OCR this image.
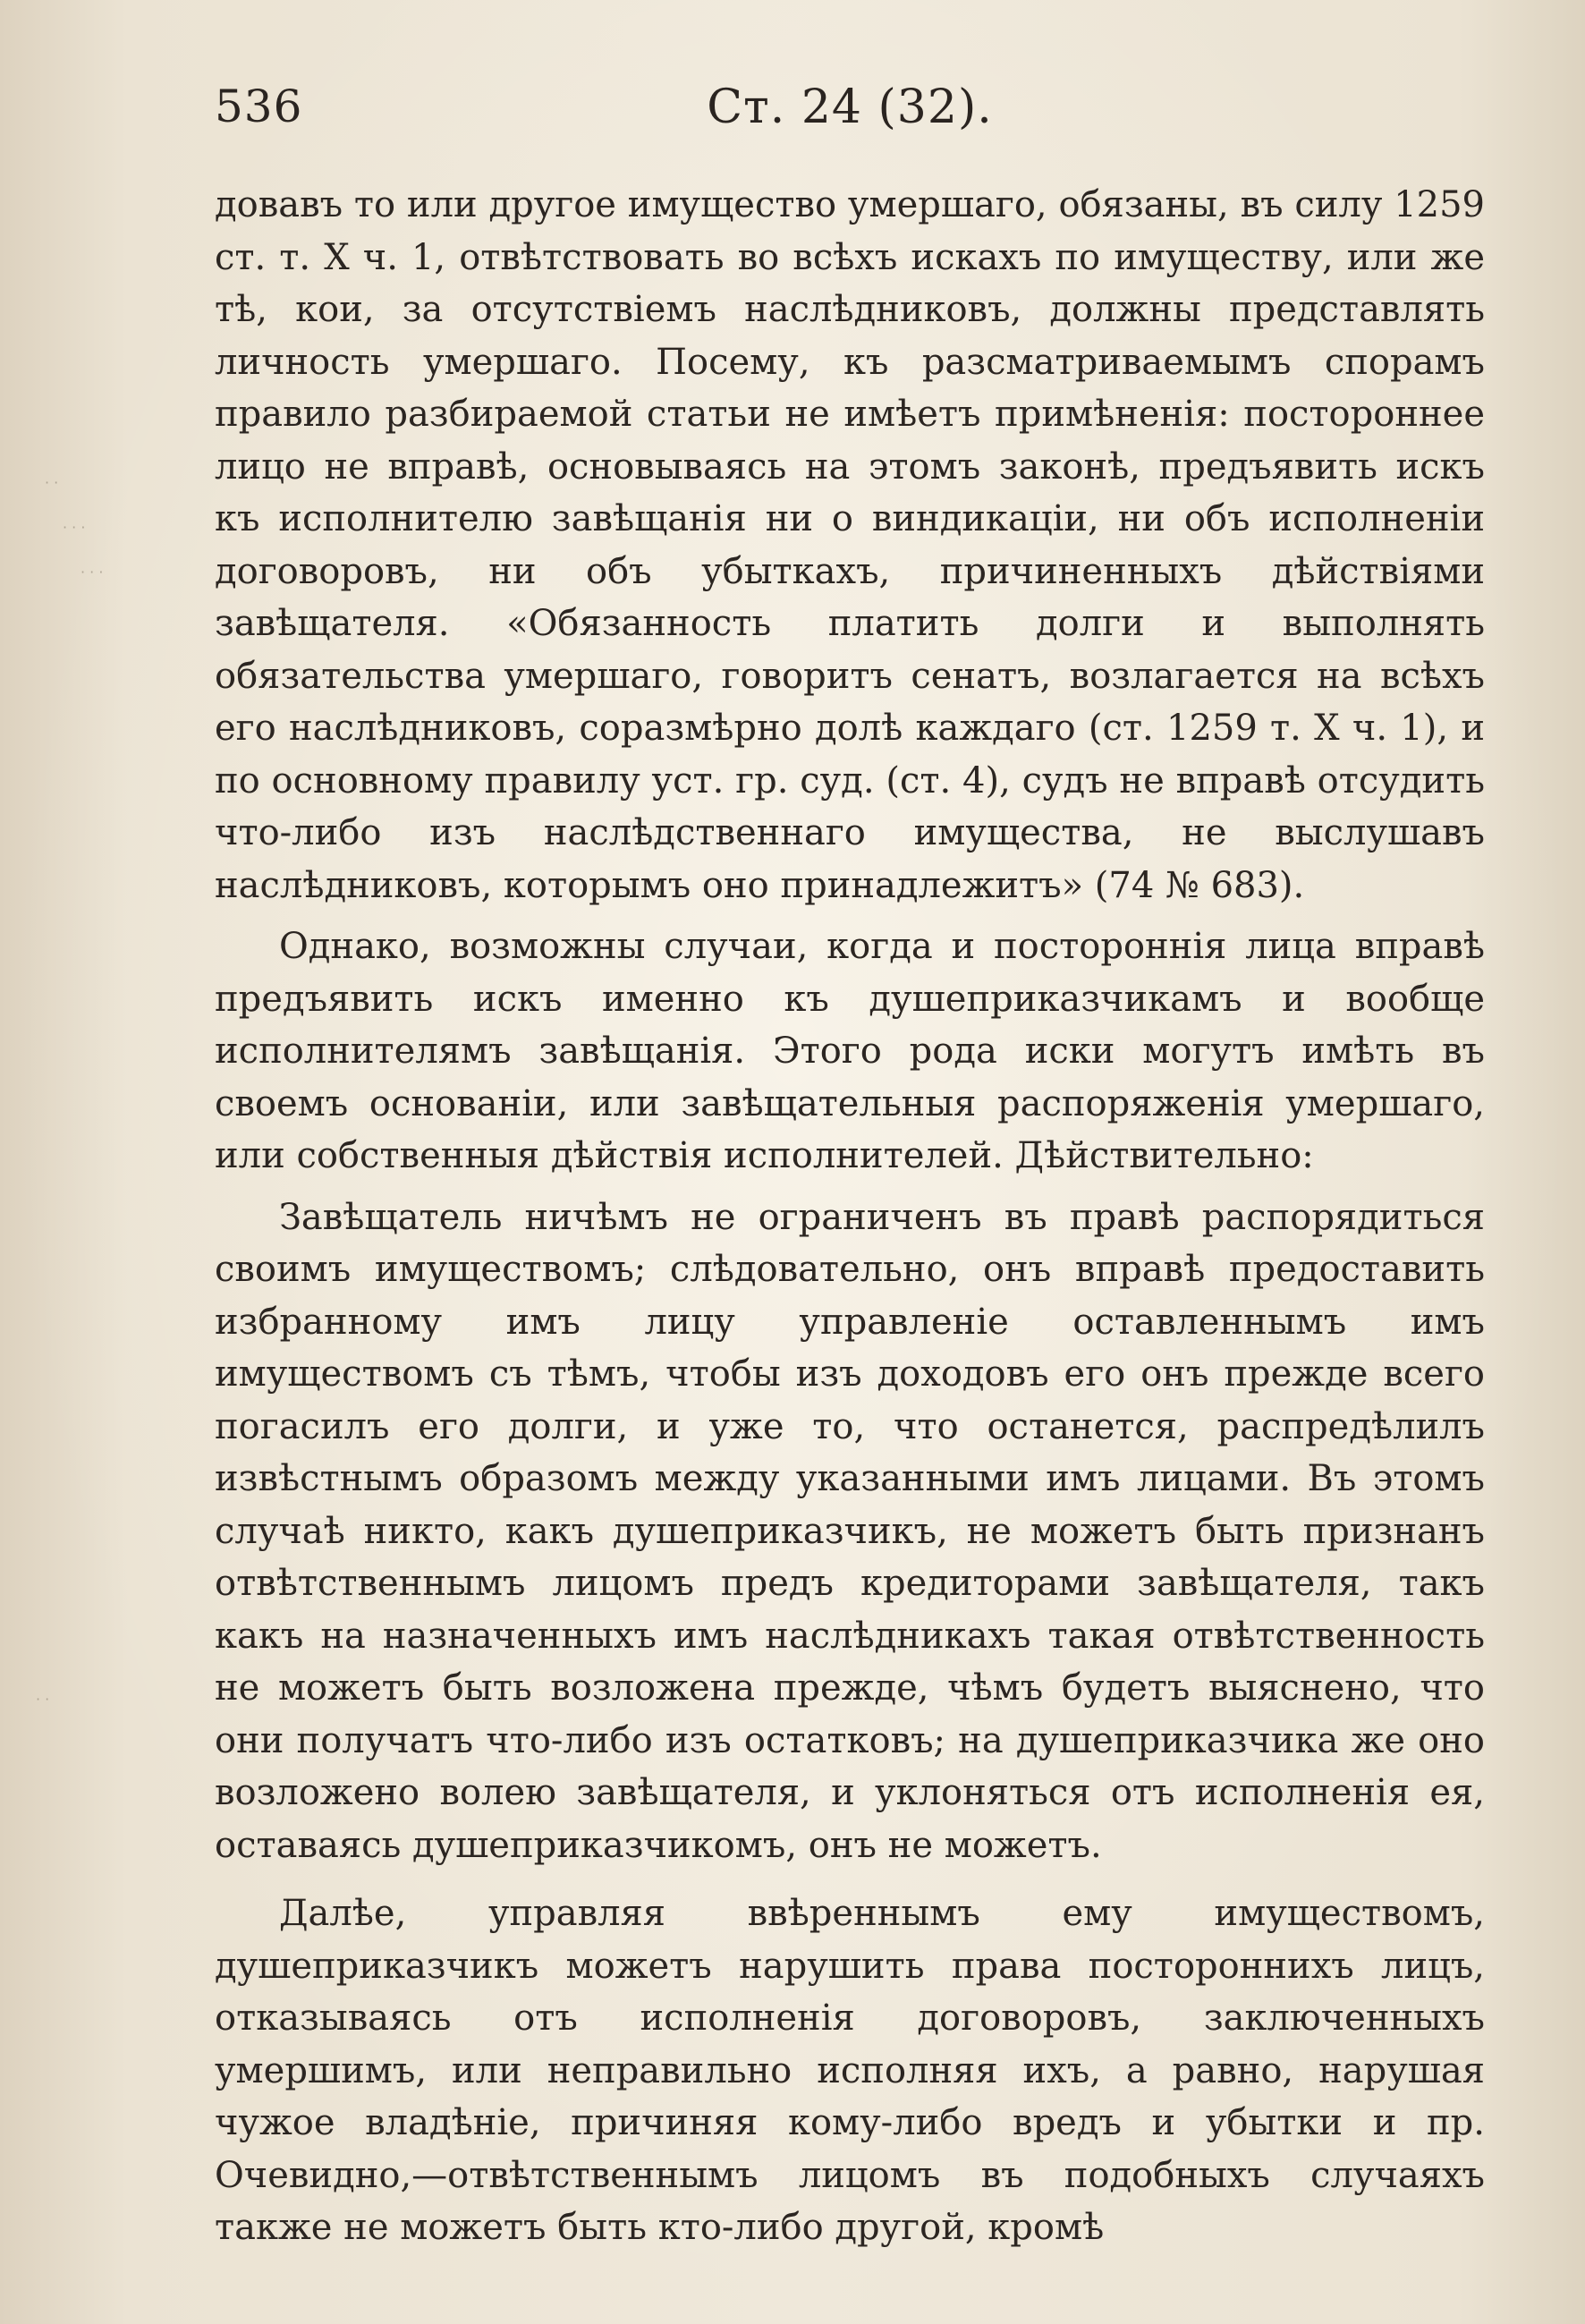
536	Ст. 24 (32).

довавъ то или другое имущество умершаго, обязаны, въ силу 1259 ст. т. X ч. 1, отвѣтствовать во всѣхъ искахъ по имуществу, или же тѣ, кои, за отсутствіемъ наслѣдниковъ, должны представлять личность умершаго. Посему, къ разсматриваемымъ спорамъ правило разбираемой статьи не имѣетъ примѣненія: постороннее лицо не вправѣ, основываясь на этомъ законѣ, предъявить искъ къ исполнителю завѣщанія ни о виндикаціи, ни объ исполненіи договоровъ, ни объ убыткахъ, причиненныхъ дѣйствіями завѣщателя. «Обязанность платить долги и выполнять обязательства умершаго, говоритъ сенатъ, возлагается на всѣхъ его наслѣдниковъ, соразмѣрно долѣ каждаго (ст. 1259 т. X ч. 1), и по основному правилу уст. гр. суд. (ст. 4), судъ не вправѣ отсудить что-либо изъ наслѣдственнаго имущества, не выслушавъ наслѣдниковъ, которымъ оно принадлежитъ» (74 № 683).

Однако, возможны случаи, когда и постороннія лица вправѣ предъявить искъ именно къ душеприказчикамъ и вообще исполнителямъ завѣщанія. Этого рода иски могутъ имѣть въ своемъ основаніи, или завѣщательныя распоряженія умершаго, или собственныя дѣйствія исполнителей. Дѣйствительно:

Завѣщатель ничѣмъ не ограниченъ въ правѣ распорядиться своимъ имуществомъ; слѣдовательно, онъ вправѣ предоставить избранному имъ лицу управленіе оставленнымъ имъ имуществомъ съ тѣмъ, чтобы изъ доходовъ его онъ прежде всего погасилъ его долги, и уже то, что останется, распредѣлилъ извѣстнымъ образомъ между указанными имъ лицами. Въ этомъ случаѣ никто, какъ душеприказчикъ, не можетъ быть признанъ отвѣтственнымъ лицомъ предъ кредиторами завѣщателя, такъ какъ на назначенныхъ имъ наслѣдникахъ такая отвѣтственность не можетъ быть возложена прежде, чѣмъ будетъ выяснено, что они получатъ что-либо изъ остатковъ; на душеприказчика же оно возложено волею завѣщателя, и уклоняться отъ исполненія ея, оставаясь душеприказчикомъ, онъ не можетъ.

Далѣе, управляя ввѣреннымъ ему имуществомъ, душеприказчикъ можетъ нарушить права постороннихъ лицъ, отказываясь отъ исполненія договоровъ, заключенныхъ умершимъ, или неправильно исполняя ихъ, а равно, нарушая чужое владѣніе, причиняя кому-либо вредъ и убытки и пр. Очевидно,—отвѣтственнымъ лицомъ въ подобныхъ случаяхъ также не можетъ быть кто-либо другой, кромѣ

· ·
· · ·
· · ·
· ·
